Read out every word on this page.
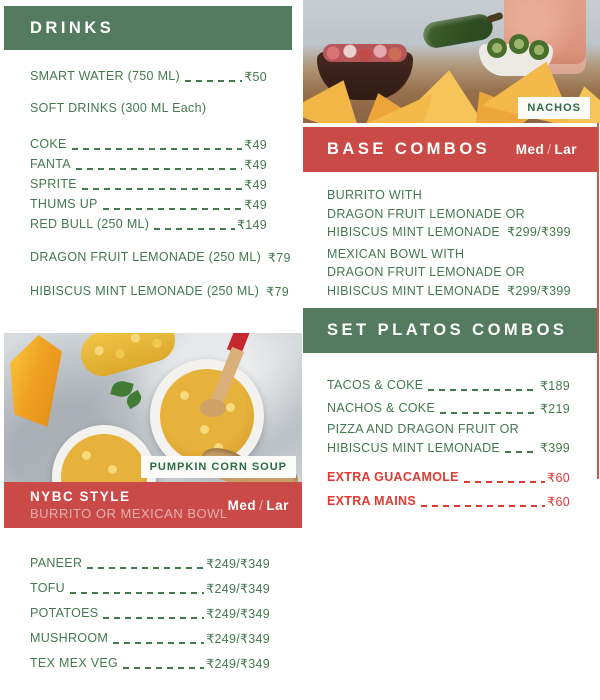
DRINKS
SMART WATER (750 ML)	₹50
SOFT DRINKS (300 ML Each)
COKE	₹49
FANTA	₹49
SPRITE	₹49
THUMS UP	₹49
RED BULL (250 ML)	₹149
DRAGON FRUIT LEMONADE (250 ML) ₹79
HIBISCUS MINT LEMONADE (250 ML) ₹79
PUMPKIN CORN SOUP
NYBC STYLE
BURRITO OR MEXICAN BOWL
Med / Lar
PANEER	₹249/₹349
TOFU	₹249/₹349
POTATOES	₹249/₹349
MUSHROOM	₹249/₹349
TEX MEX VEG	₹249/₹349
NACHOS
BASE COMBOS Med / Lar
BURRITO WITH
DRAGON FRUIT LEMONADE OR
HIBISCUS MINT LEMONADE ₹299/₹399
MEXICAN BOWL WITH
DRAGON FRUIT LEMONADE OR
HIBISCUS MINT LEMONADE ₹299/₹399
SET PLATOS COMBOS
TACOS & COKE	₹189
NACHOS & COKE	₹219
PIZZA AND DRAGON FRUIT OR
HIBISCUS MINT LEMONADE	₹399
EXTRA GUACAMOLE	₹60
EXTRA MAINS	₹60
